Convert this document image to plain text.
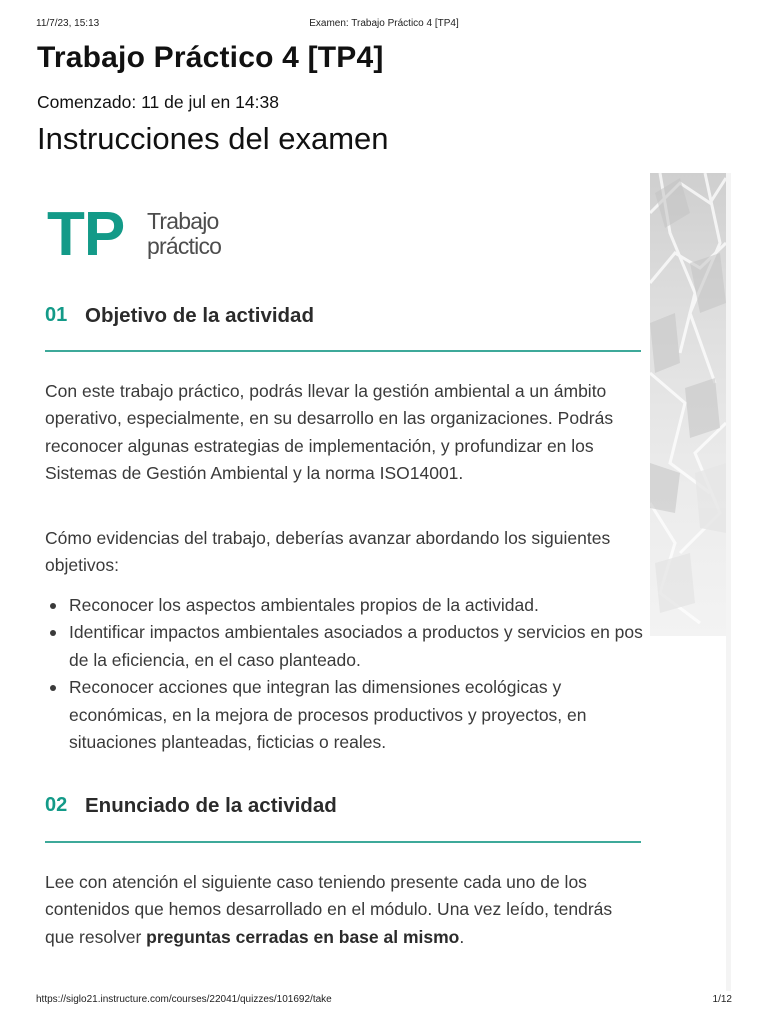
11/7/23, 15:13	Examen: Trabajo Práctico 4 [TP4]
Trabajo Práctico 4 [TP4]
Comenzado: 11 de jul en 14:38
Instrucciones del examen
TP Trabajo
práctico
01 Objetivo de la actividad

Con este trabajo práctico, podrás llevar la gestión ambiental a un ámbito operativo, especialmente, en su desarrollo en las organizaciones. Podrás reconocer algunas estrategias de implementación, y profundizar en los Sistemas de Gestión Ambiental y la norma ISO14001.

Cómo evidencias del trabajo, deberías avanzar abordando los siguientes objetivos:

Reconocer los aspectos ambientales propios de la actividad.
Identificar impactos ambientales asociados a productos y servicios en pos de la eficiencia, en el caso planteado.
Reconocer acciones que integran las dimensiones ecológicas y económicas, en la mejora de procesos productivos y proyectos, en situaciones planteadas, ficticias o reales.
02 Enunciado de la actividad

Lee con atención el siguiente caso teniendo presente cada uno de los contenidos que hemos desarrollado en el módulo. Una vez leído, tendrás que resolver preguntas cerradas en base al mismo.

https://siglo21.instructure.com/courses/22041/quizzes/101692/take	1/12
